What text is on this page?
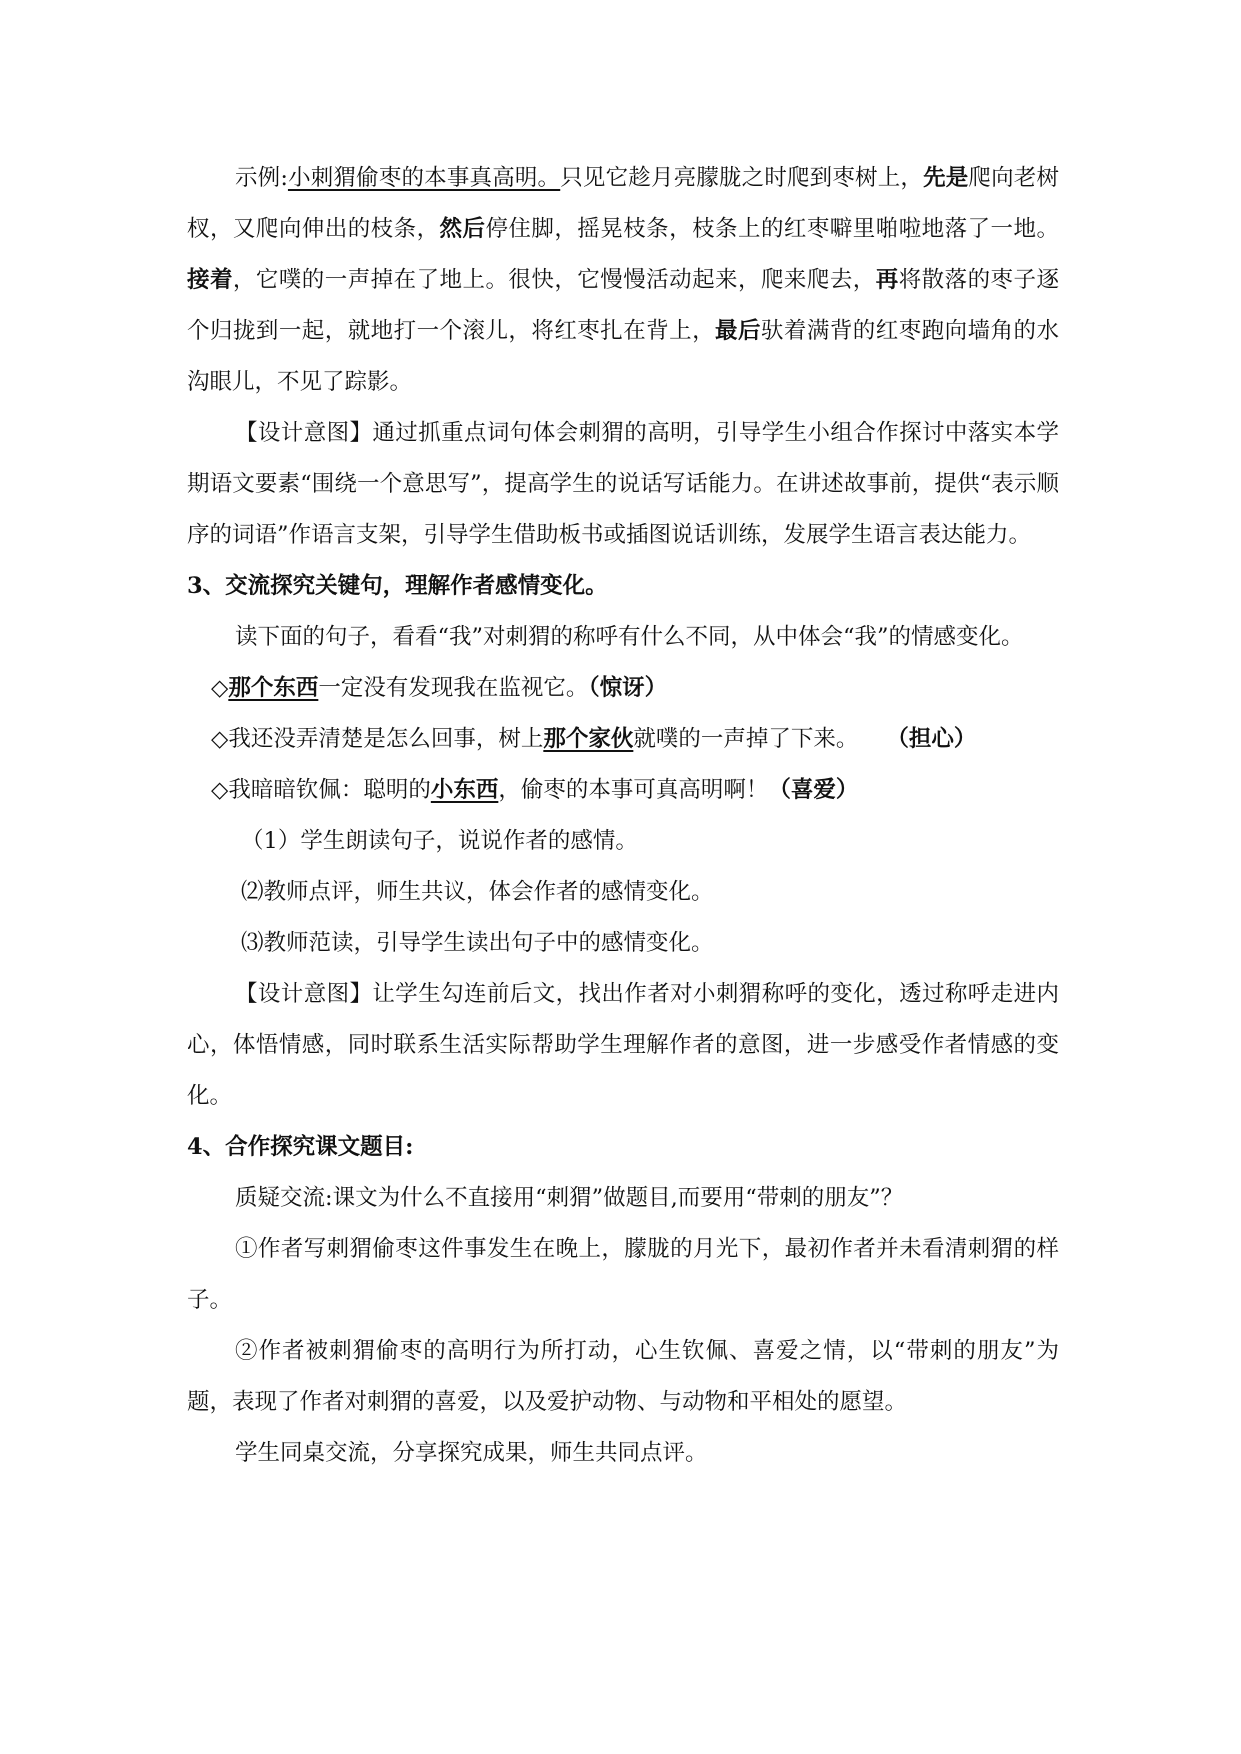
示例:小刺猬偷枣的本事真高明。只见它趁月亮朦胧之时爬到枣树上，先是爬向老树杈，又爬向伸出的枝条，然后停住脚，摇晃枝条，枝条上的红枣噼里啪啦地落了一地。接着，它噗的一声掉在了地上。很快，它慢慢活动起来，爬来爬去，再将散落的枣子逐个归拢到一起，就地打一个滚儿，将红枣扎在背上，最后驮着满背的红枣跑向墙角的水沟眼儿，不见了踪影。

【设计意图】通过抓重点词句体会刺猬的高明，引导学生小组合作探讨中落实本学期语文要素“围绕一个意思写”，提高学生的说话写话能力。在讲述故事前，提供“表示顺序的词语”作语言支架，引导学生借助板书或插图说话训练，发展学生语言表达能力。

3、交流探究关键句，理解作者感情变化。

读下面的句子，看看“我”对刺猬的称呼有什么不同，从中体会“我”的情感变化。

◇那个东西一定没有发现我在监视它。（惊讶）

◇我还没弄清楚是怎么回事，树上那个家伙就噗的一声掉了下来。 （担心）

◇我暗暗钦佩：聪明的小东西，偷枣的本事可真高明啊！（喜爱）

（1）学生朗读句子，说说作者的感情。

⑵教师点评，师生共议，体会作者的感情变化。

⑶教师范读，引导学生读出句子中的感情变化。

【设计意图】让学生勾连前后文，找出作者对小刺猬称呼的变化，透过称呼走进内心，体悟情感，同时联系生活实际帮助学生理解作者的意图，进一步感受作者情感的变化。

4、合作探究课文题目:

质疑交流:课文为什么不直接用“刺猬”做题目,而要用“带刺的朋友”？

①作者写刺猬偷枣这件事发生在晚上，朦胧的月光下，最初作者并未看清刺猬的样子。

②作者被刺猬偷枣的高明行为所打动，心生钦佩、喜爱之情，以“带刺的朋友”为题，表现了作者对刺猬的喜爱，以及爱护动物、与动物和平相处的愿望。

学生同桌交流，分享探究成果，师生共同点评。
